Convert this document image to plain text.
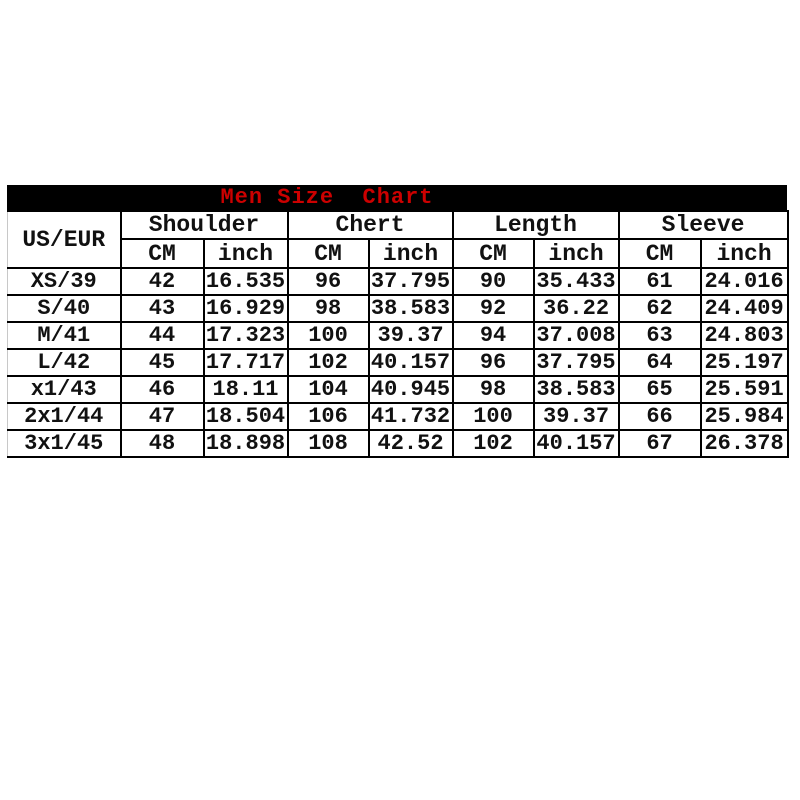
Men Size  Chart
US/EUR	Shoulder		Chert		Length		Sleeve	
	CM	inch	CM	inch	CM	inch	CM	inch
XS/39	42	16.535	96	37.795	90	35.433	61	24.016
S/40	43	16.929	98	38.583	92	36.22	62	24.409
M/41	44	17.323	100	39.37	94	37.008	63	24.803
L/42	45	17.717	102	40.157	96	37.795	64	25.197
x1/43	46	18.11	104	40.945	98	38.583	65	25.591
2x1/44	47	18.504	106	41.732	100	39.37	66	25.984
3x1/45	48	18.898	108	42.52	102	40.157	67	26.378
